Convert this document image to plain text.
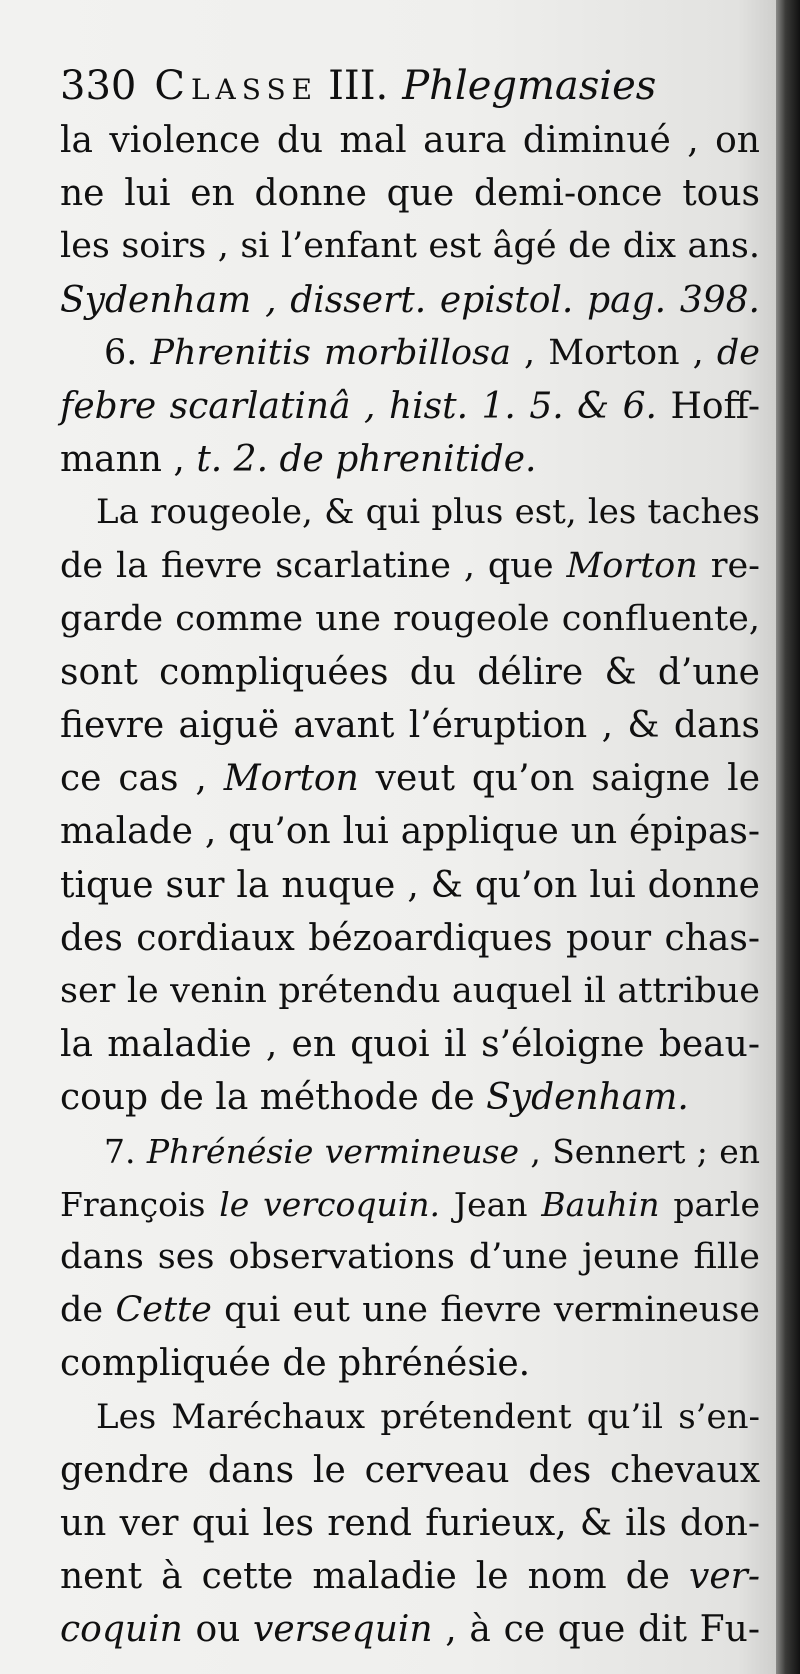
330 Classe III. Phlegmasies
la violence du mal aura diminué , on
ne lui en donne que demi-once tous
les soirs , si l’enfant est âgé de dix ans.
Sydenham , dissert. epistol. pag. 398.
6. Phrenitis morbillosa , Morton , de
febre scarlatinâ , hist. 1. 5. & 6. Hoff-
mann , t. 2. de phrenitide.
La rougeole, & qui plus est, les taches
de la fievre scarlatine , que Morton re-
garde comme une rougeole confluente,
sont compliquées du délire & d’une
fievre aiguë avant l’éruption , & dans
ce cas , Morton veut qu’on saigne le
malade , qu’on lui applique un épipas-
tique sur la nuque , & qu’on lui donne
des cordiaux bézoardiques pour chas-
ser le venin prétendu auquel il attribue
la maladie , en quoi il s’éloigne beau-
coup de la méthode de Sydenham.
7. Phrénésie vermineuse , Sennert ; en
François le vercoquin. Jean Bauhin parle
dans ses observations d’une jeune fille
de Cette qui eut une fievre vermineuse
compliquée de phrénésie.
Les Maréchaux prétendent qu’il s’en-
gendre dans le cerveau des chevaux
un ver qui les rend furieux, & ils don-
nent à cette maladie le nom de ver-
coquin ou versequin , à ce que dit Fu-
